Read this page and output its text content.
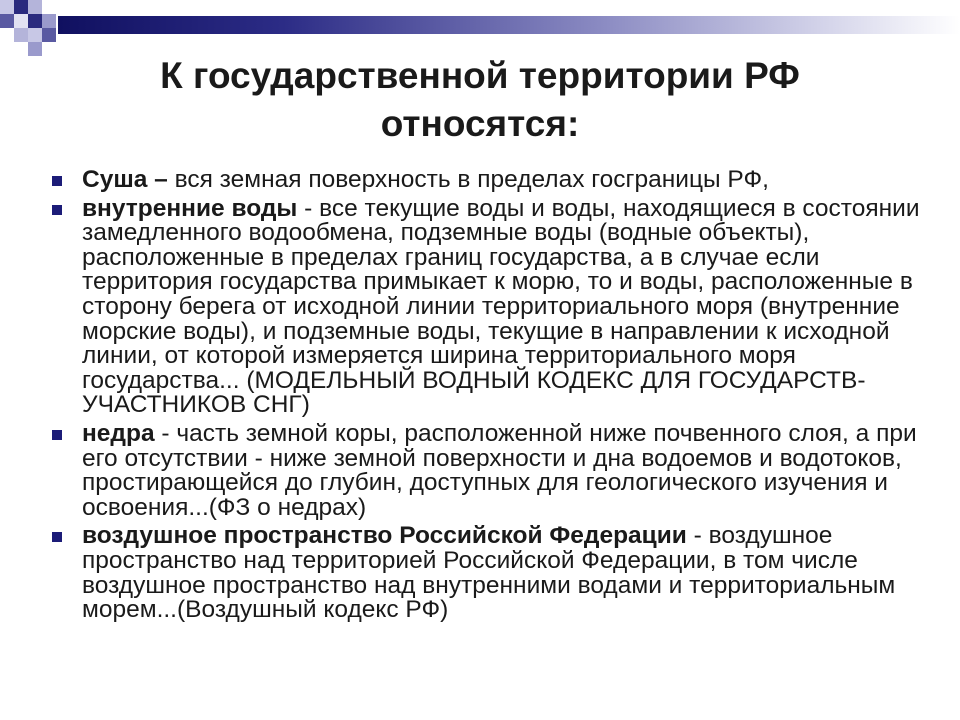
К государственной территории РФ
относятся:
Суша – вся земная поверхность в пределах госграницы РФ,
внутренние воды - все текущие воды и воды, находящиеся в состоянии замедленного водообмена, подземные воды (водные объекты), расположенные в пределах границ государства, а в случае если территория государства примыкает к морю, то и воды, расположенные в сторону берега от исходной линии территориального моря (внутренние морские воды), и подземные воды, текущие в направлении к исходной линии, от которой измеряется ширина территориального моря государства... (МОДЕЛЬНЫЙ ВОДНЫЙ КОДЕКС ДЛЯ ГОСУДАРСТВ-УЧАСТНИКОВ СНГ)
недра - часть земной коры, расположенной ниже почвенного слоя, а при его отсутствии - ниже земной поверхности и дна водоемов и водотоков, простирающейся до глубин, доступных для геологического изучения и освоения...(ФЗ о недрах)
воздушное пространство Российской Федерации - воздушное пространство над территорией Российской Федерации, в том числе воздушное пространство над внутренними водами и территориальным морем...(Воздушный кодекс РФ)
